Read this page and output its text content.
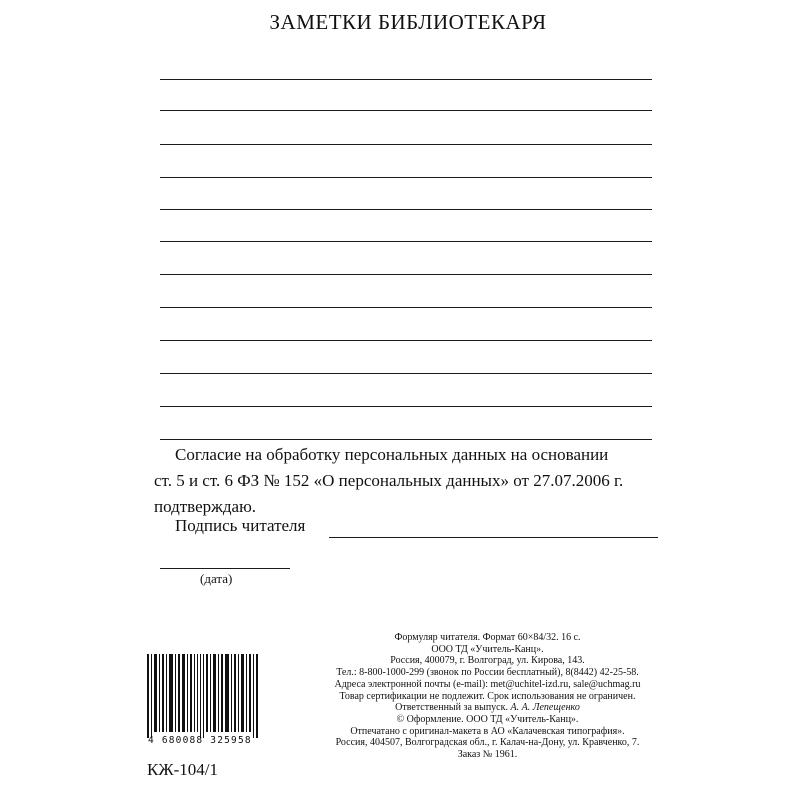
ЗАМЕТКИ БИБЛИОТЕКАРЯ
Согласие на обработку персональных данных на основании
ст. 5 и ст. 6 ФЗ № 152 «О персональных данных» от 27.07.2006 г.
подтверждаю.
Подпись читателя
(дата)
4 680088 325958
КЖ-104/1
Формуляр читателя. Формат 60×84/32. 16 с.
ООО ТД «Учитель-Канц».
Россия, 400079, г. Волгоград, ул. Кирова, 143.
Тел.: 8-800-1000-299 (звонок по России бесплатный), 8(8442) 42-25-58.
Адреса электронной почты (e-mail): met@uchitel-izd.ru, sale@uchmag.ru
Товар сертификации не подлежит. Срок использования не ограничен.
Ответственный за выпуск. А. А. Лепещенко
© Оформление. ООО ТД «Учитель-Канц».
Отпечатано с оригинал-макета в АО «Калачевская типография».
Россия, 404507, Волгоградская обл., г. Калач-на-Дону, ул. Кравченко, 7.
Заказ № 1961.
